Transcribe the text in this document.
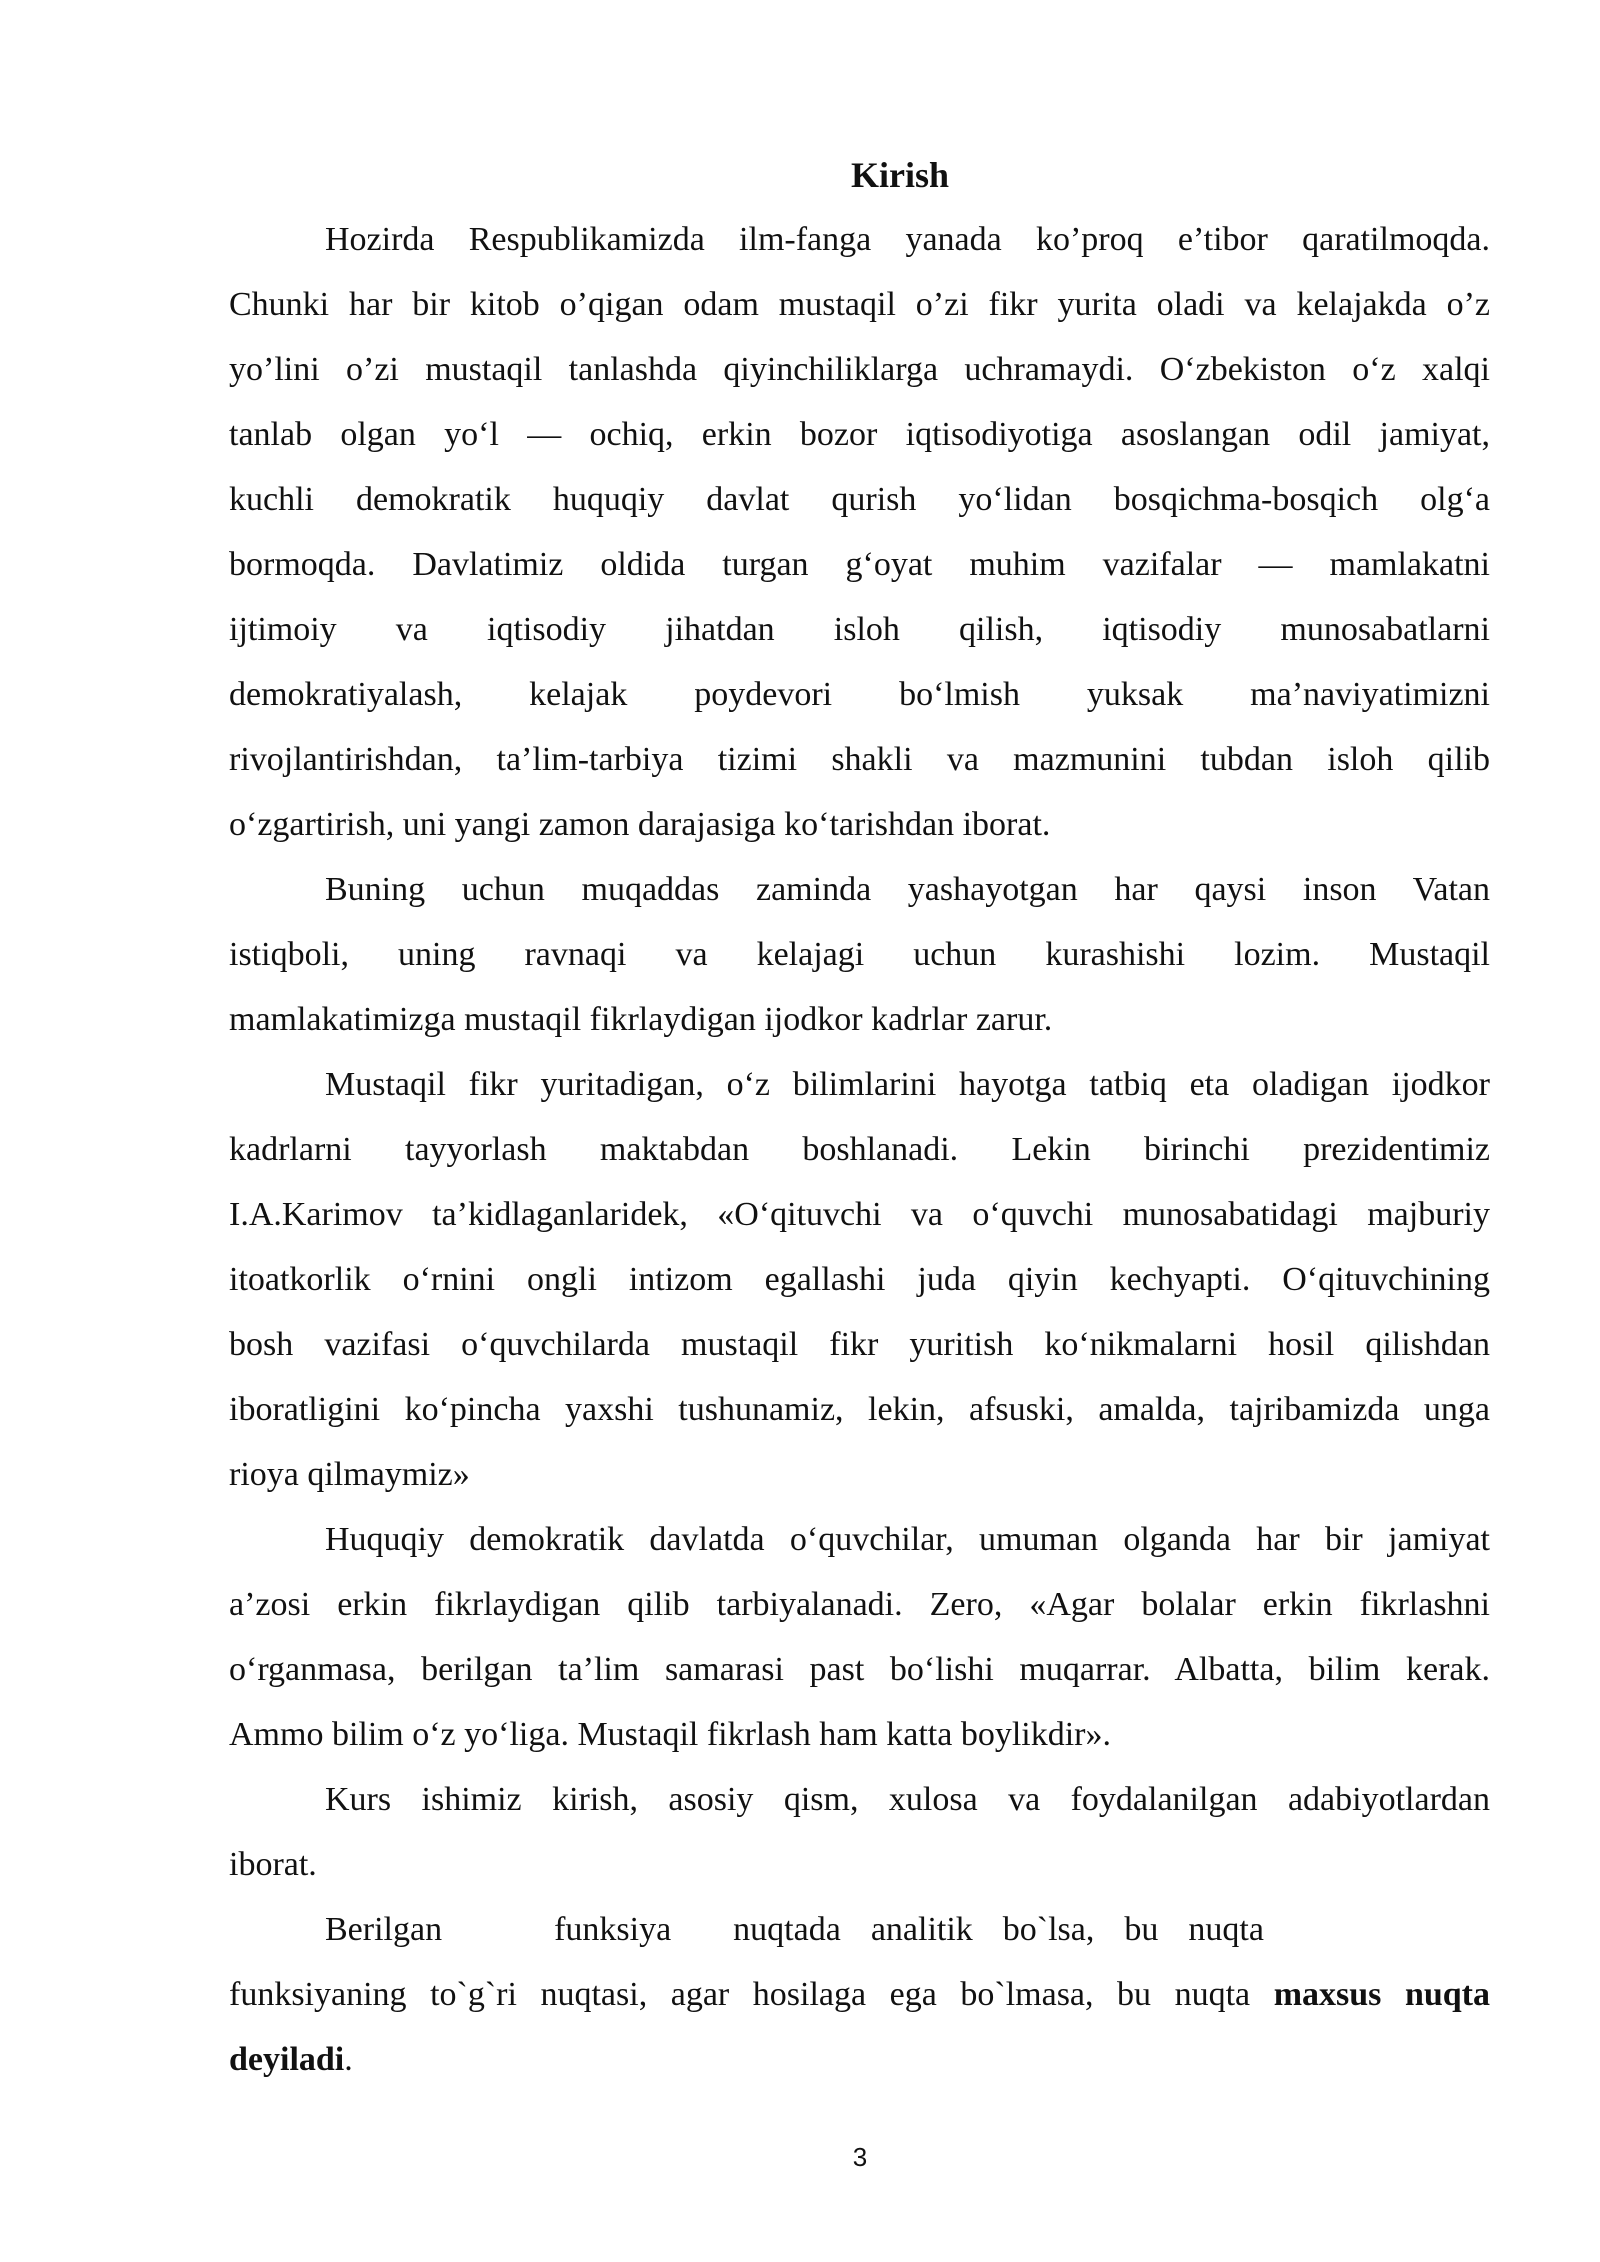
Kirish
Hozirda Respublikamizda ilm-fanga yanada ko’proq e’tibor qaratilmoqda.
Chunki har bir kitob o’qigan odam mustaqil o’zi fikr yurita oladi va kelajakda o’z
yo’lini o’zi mustaqil tanlashda qiyinchiliklarga uchramaydi. O‘zbekiston o‘z xalqi
tanlab olgan yo‘l — ochiq, erkin bozor iqtisodiyotiga asoslangan odil jamiyat,
kuchli demokratik huquqiy davlat qurish yo‘lidan bosqichma-bosqich olg‘a
bormoqda. Davlatimiz oldida turgan g‘oyat muhim vazifalar — mamlakatni
ijtimoiy va iqtisodiy jihatdan isloh qilish, iqtisodiy munosabatlarni
demokratiyalash, kelajak poydevori bo‘lmish yuksak ma’naviyatimizni
rivojlantirishdan, ta’lim-tarbiya tizimi shakli va mazmunini tubdan isloh qilib
o‘zgartirish, uni yangi zamon darajasiga ko‘tarishdan iborat.
Buning uchun muqaddas zaminda yashayotgan har qaysi inson Vatan
istiqboli, uning ravnaqi va kelajagi uchun kurashishi lozim. Mustaqil
mamlakatimizga mustaqil fikrlaydigan ijodkor kadrlar zarur.
Mustaqil fikr yuritadigan, o‘z bilimlarini hayotga tatbiq eta oladigan ijodkor
kadrlarni tayyorlash maktabdan boshlanadi. Lekin birinchi prezidentimiz
I.A.Karimov ta’kidlaganlaridek, «O‘qituvchi va o‘quvchi munosabatidagi majburiy
itoatkorlik o‘rnini ongli intizom egallashi juda qiyin kechyapti. O‘qituvchining
bosh vazifasi o‘quvchilarda mustaqil fikr yuritish ko‘nikmalarni hosil qilishdan
iboratligini ko‘pincha yaxshi tushunamiz, lekin, afsuski, amalda, tajribamizda unga
rioya qilmaymiz»
Huquqiy demokratik davlatda o‘quvchilar, umuman olganda har bir jamiyat
a’zosi erkin fikrlaydigan qilib tarbiyalanadi. Zero, «Agar bolalar erkin fikrlashni
o‘rganmasa, berilgan ta’lim samarasi past bo‘lishi muqarrar. Albatta, bilim kerak.
Ammo bilim o‘z yo‘liga. Mustaqil fikrlash ham katta boylikdir».
Kurs ishimiz kirish, asosiy qism, xulosa va foydalanilgan adabiyotlardan
iborat.
Berilgan	funksiya nuqtada analitik bo`lsa, bu nuqta
funksiyaning to`g`ri nuqtasi, agar hosilaga ega bo`lmasa, bu nuqta maxsus nuqta
deyiladi.
3
